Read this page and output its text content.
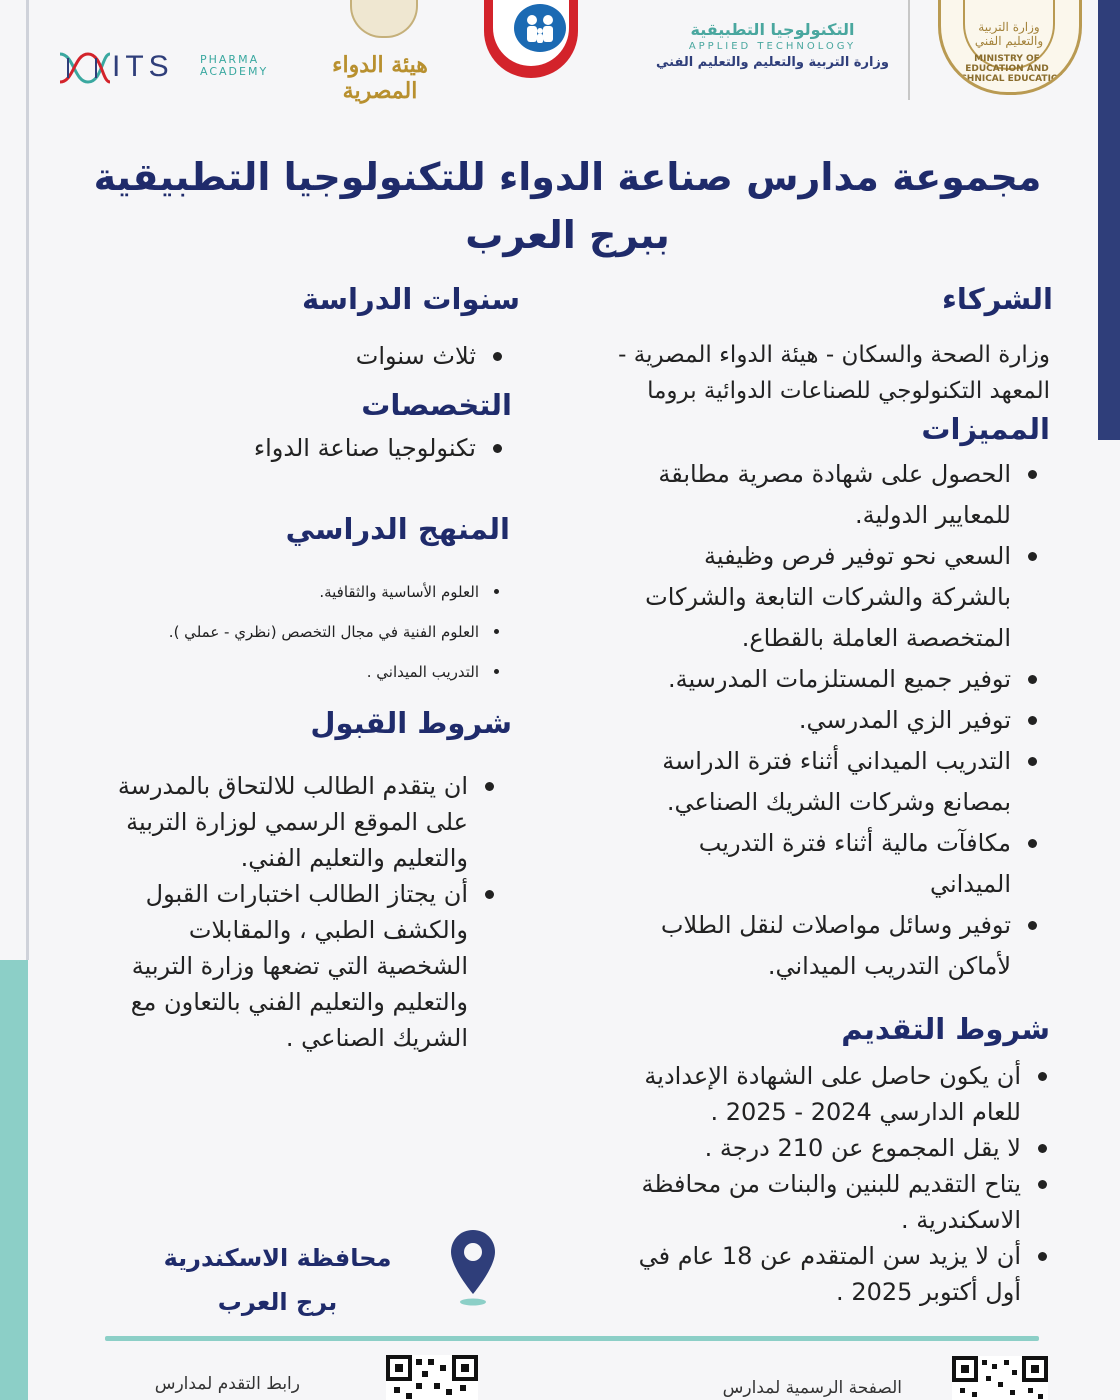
وزارة التربية والتعليم الفني
MINISTRY OF EDUCATION AND TECHNICAL EDUCATION
التكنولوجيا التطبيقية
APPLIED TECHNOLOGY
وزارة التربية والتعليم والتعليم الفني
هيئة الدواء المصرية
ITS PHARMA ACADEMY
مجموعة مدارس صناعة الدواء للتكنولوجيا التطبيقية
ببرج العرب
الشركاء
وزارة الصحة والسكان - هيئة الدواء المصرية -
المعهد التكنولوجي للصناعات الدوائية بروما
المميزات
الحصول على شهادة مصرية مطابقة
للمعايير الدولية.
السعي نحو توفير فرص وظيفية
بالشركة والشركات التابعة والشركات
المتخصصة العاملة بالقطاع.
توفير جميع المستلزمات المدرسية.
توفير الزي المدرسي.
التدريب الميداني أثناء فترة الدراسة
بمصانع وشركات الشريك الصناعي.
مكافآت مالية أثناء فترة التدريب
الميداني
توفير وسائل مواصلات لنقل الطلاب
لأماكن التدريب الميداني.
شروط التقديم
أن يكون حاصل على الشهادة الإعدادية
للعام الدارسي 2024 - 2025 .
لا يقل المجموع عن 210 درجة .
يتاح التقديم للبنين والبنات من محافظة
الاسكندرية .
أن لا يزيد سن المتقدم عن 18 عام في
أول أكتوبر 2025 .
سنوات الدراسة
ثلاث سنوات
التخصصات
تكنولوجيا صناعة الدواء
المنهج الدراسي
العلوم الأساسية والثقافية.
العلوم الفنية في مجال التخصص (نظري - عملي ).
التدريب الميداني .
شروط القبول
ان يتقدم الطالب للالتحاق بالمدرسة
على الموقع الرسمي لوزارة التربية
والتعليم والتعليم الفني.
أن يجتاز الطالب اختبارات القبول
والكشف الطبي ، والمقابلات
الشخصية التي تضعها وزارة التربية
والتعليم والتعليم الفني بالتعاون مع
الشريك الصناعي .
محافظة الاسكندرية
برج العرب
رابط التقدم لمدارس	الصفحة الرسمية لمدارس
